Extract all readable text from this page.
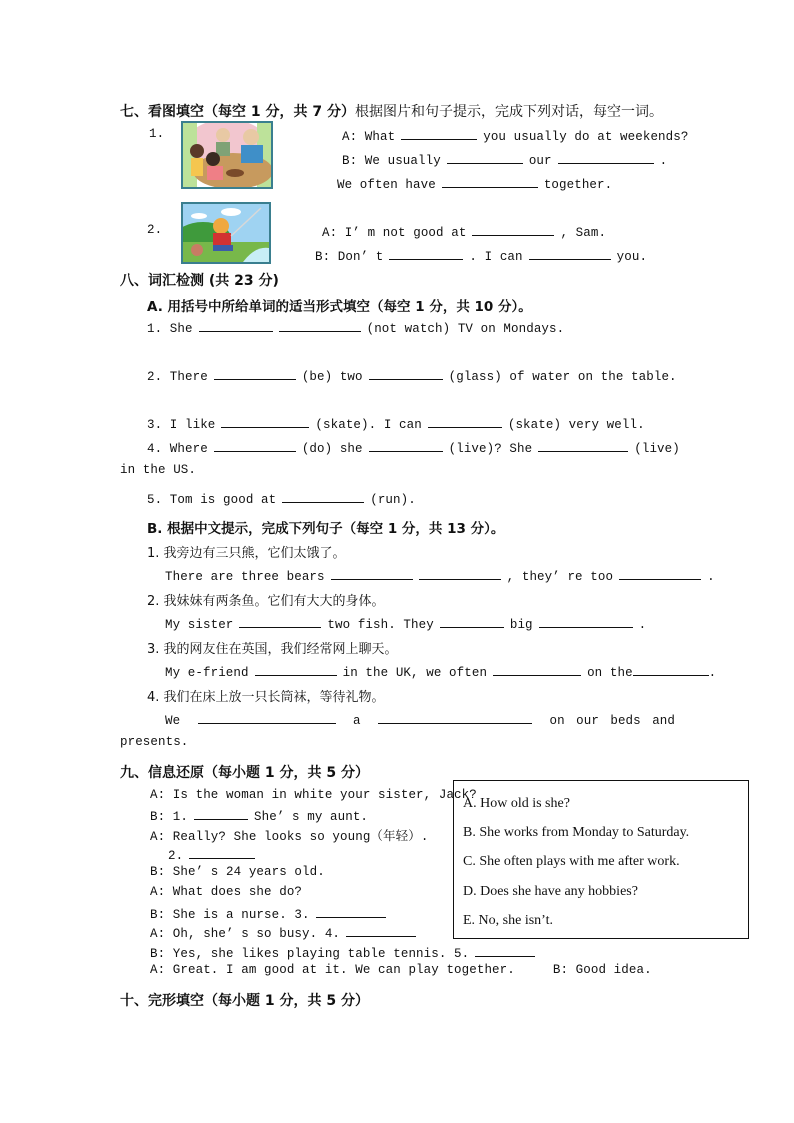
七、看图填空（每空 1 分，共 7 分）根据图片和句子提示，完成下列对话，每空一词。
1.	A: What	you usually do at weekends?
B: We usually	our	.
We often have	together.
2.	A: I’ m not good at	, Sam.
B: Don’ t	. I can	you.
八、词汇检测 (共 23 分)
A. 用括号中所给单词的适当形式填空（每空 1 分，共 10 分）。
1. She	(not watch) TV on Mondays.
2. There	(be) two	(glass) of water on the table.
3. I like	(skate). I can	(skate) very well.
4. Where	(do) she	(live)? She	(live)
in the US.
5. Tom is good at	(run).
B. 根据中文提示，完成下列句子（每空 1 分，共 13 分）。
1. 我旁边有三只熊，它们太饿了。
There are three bears	, they’ re too	.
2. 我妹妹有两条鱼。它们有大大的身体。
My sister	two fish. They	big	.
3. 我的网友住在英国，我们经常网上聊天。
My e-friend	in the UK, we often	on the	.
4. 我们在床上放一只长筒袜，等待礼物。
We	a	on our beds and
presents.
九、信息还原（每小题 1 分，共 5 分）
A: Is the woman in white your sister, Jack?
B: 1.	She’ s my aunt.
A: Really? She looks so young（年轻）.
2.
B: She’ s 24 years old.
A: What does she do?
B: She is a nurse. 3.
A: Oh, she’ s so busy. 4.
B: Yes, she likes playing table tennis. 5.
A: Great. I am good at it. We can play together.	B: Good idea.
A. How old is she?
B. She works from Monday to Saturday.
C. She often plays with me after work.
D. Does she have any hobbies?
E. No, she isn’t.
十、完形填空（每小题 1 分，共 5 分）
